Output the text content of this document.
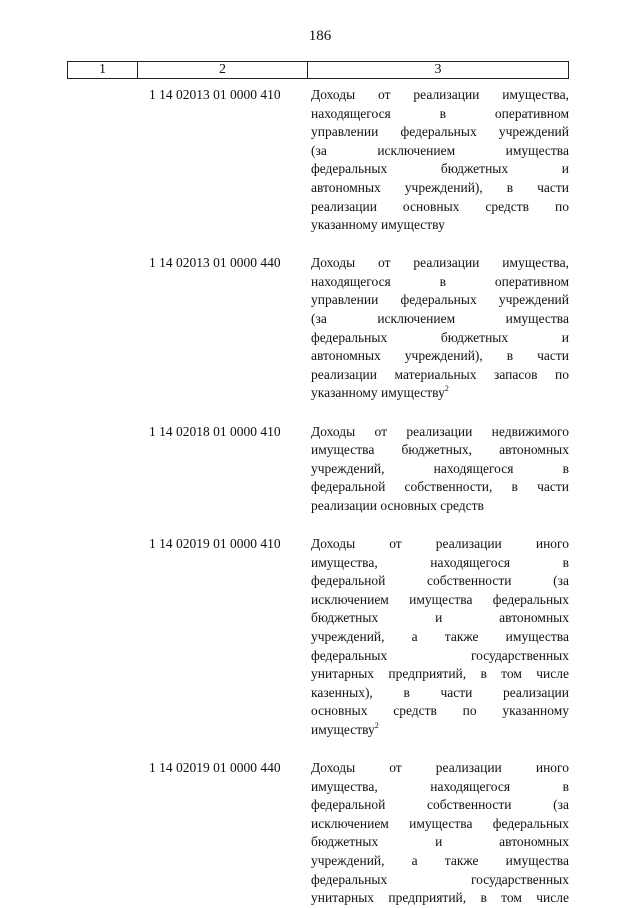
186
1	2	3
1 14 02013 01 0000 410 Доходы от реализации имущества,
находящегося в оперативном
управлении федеральных учреждений
(за исключением имущества
федеральных бюджетных и
автономных учреждений), в части
реализации основных средств по
указанному имуществу
1 14 02013 01 0000 440 Доходы от реализации имущества,
находящегося в оперативном
управлении федеральных учреждений
(за исключением имущества
федеральных бюджетных и
автономных учреждений), в части
реализации материальных запасов по
указанному имуществу$^2$
1 14 02018 01 0000 410 Доходы от реализации недвижимого
имущества бюджетных, автономных
учреждений, находящегося в
федеральной собственности, в части
реализации основных средств
1 14 02019 01 0000 410 Доходы от реализации иного
имущества, находящегося в
федеральной собственности (за
исключением имущества федеральных
бюджетных и автономных
учреждений, а также имущества
федеральных государственных
унитарных предприятий, в том числе
казенных), в части реализации
основных средств по указанному
имуществу$^2$
1 14 02019 01 0000 440 Доходы от реализации иного
имущества, находящегося в
федеральной собственности (за
исключением имущества федеральных
бюджетных и автономных
учреждений, а также имущества
федеральных государственных
унитарных предприятий, в том числе
